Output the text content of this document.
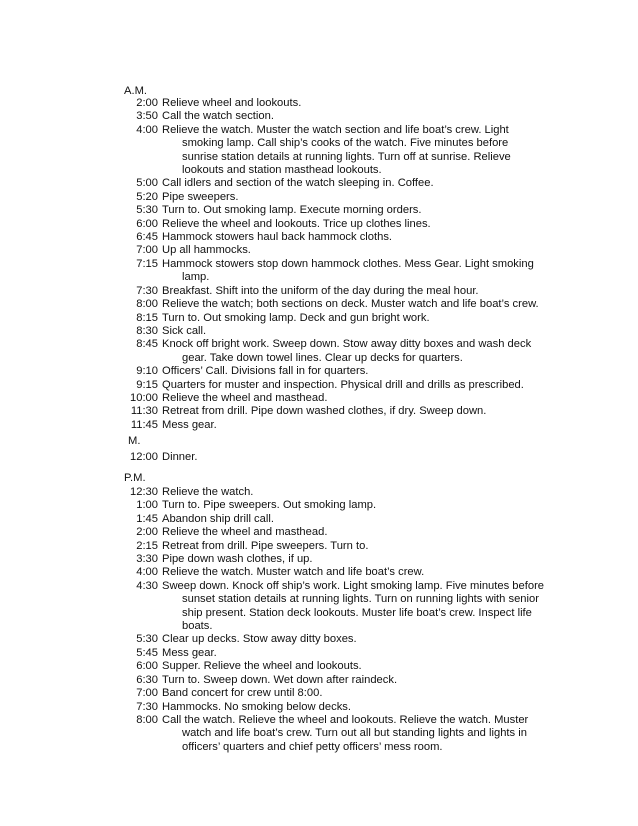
A.M.
2:00 Relieve wheel and lookouts.
3:50 Call the watch section.
4:00 Relieve the watch. Muster the watch section and life boat’s crew. Light
smoking lamp. Call ship’s cooks of the watch. Five minutes before
sunrise station details at running lights. Turn off at sunrise. Relieve
lookouts and station masthead lookouts.
5:00 Call idlers and section of the watch sleeping in. Coffee.
5:20 Pipe sweepers.
5:30 Turn to. Out smoking lamp. Execute morning orders.
6:00 Relieve the wheel and lookouts. Trice up clothes lines.
6:45 Hammock stowers haul back hammock cloths.
7:00 Up all hammocks.
7:15 Hammock stowers stop down hammock clothes. Mess Gear. Light smoking
lamp.
7:30 Breakfast. Shift into the uniform of the day during the meal hour.
8:00 Relieve the watch; both sections on deck. Muster watch and life boat’s crew.
8:15 Turn to. Out smoking lamp. Deck and gun bright work.
8:30 Sick call.
8:45 Knock off bright work. Sweep down. Stow away ditty boxes and wash deck
gear. Take down towel lines. Clear up decks for quarters.
9:10 Officers’ Call. Divisions fall in for quarters.
9:15 Quarters for muster and inspection. Physical drill and drills as prescribed.
10:00 Relieve the wheel and masthead.
11:30 Retreat from drill. Pipe down washed clothes, if dry. Sweep down.
11:45 Mess gear.
M.
12:00 Dinner.
P.M.
12:30 Relieve the watch.
1:00 Turn to. Pipe sweepers. Out smoking lamp.
1:45 Abandon ship drill call.
2:00 Relieve the wheel and masthead.
2:15 Retreat from drill. Pipe sweepers. Turn to.
3:30 Pipe down wash clothes, if up.
4:00 Relieve the watch. Muster watch and life boat’s crew.
4:30 Sweep down. Knock off ship’s work. Light smoking lamp. Five minutes before
sunset station details at running lights. Turn on running lights with senior
ship present. Station deck lookouts. Muster life boat’s crew. Inspect life
boats.
5:30 Clear up decks. Stow away ditty boxes.
5:45 Mess gear.
6:00 Supper. Relieve the wheel and lookouts.
6:30 Turn to. Sweep down. Wet down after raindeck.
7:00 Band concert for crew until 8:00.
7:30 Hammocks. No smoking below decks.
8:00 Call the watch. Relieve the wheel and lookouts. Relieve the watch. Muster
watch and life boat’s crew. Turn out all but standing lights and lights in
officers’ quarters and chief petty officers’ mess room.
